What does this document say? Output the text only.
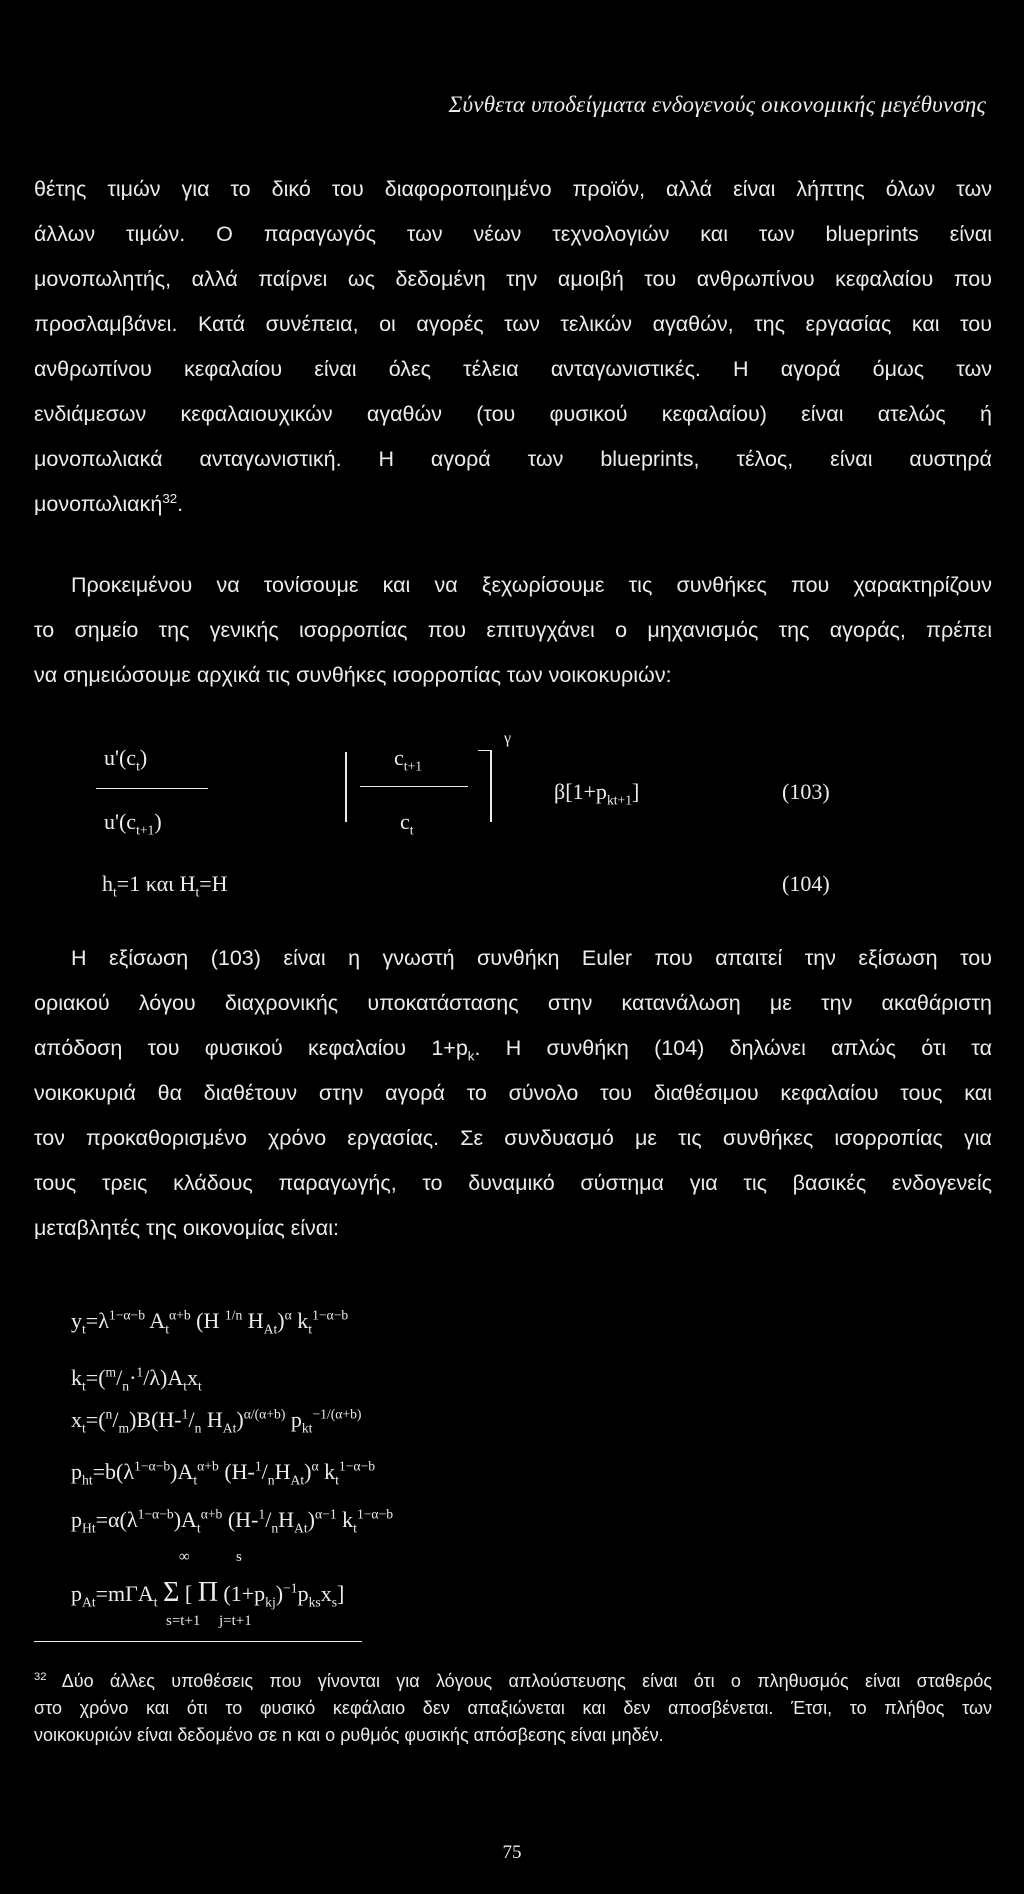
Σύνθετα υποδείγματα ενδογενούς οικονομικής μεγέθυνσης
θέτης τιμών για το δικό του διαφοροποιημένο προϊόν, αλλά είναι λήπτης όλων των
άλλων τιμών. Ο παραγωγός των νέων τεχνολογιών και των blueprints είναι
μονοπωλητής, αλλά παίρνει ως δεδομένη την αμοιβή του ανθρωπίνου κεφαλαίου που
προσλαμβάνει. Κατά συνέπεια, οι αγορές των τελικών αγαθών, της εργασίας και του
ανθρωπίνου κεφαλαίου είναι όλες τέλεια ανταγωνιστικές. Η αγορά όμως των
ενδιάμεσων κεφαλαιουχικών αγαθών (του φυσικού κεφαλαίου) είναι ατελώς ή
μονοπωλιακά ανταγωνιστική. Η αγορά των blueprints, τέλος, είναι αυστηρά
μονοπωλιακή$^{32}$.
Προκειμένου να τονίσουμε και να ξεχωρίσουμε τις συνθήκες που χαρακτηρίζουν
το σημείο της γενικής ισορροπίας που επιτυγχάνει ο μηχανισμός της αγοράς, πρέπει
να σημειώσουμε αρχικά τις συνθήκες ισορροπίας των νοικοκυριών:
$u'(c_t)$
$u'(c_{t+1})$
$c_{t+1}$
$c_t$
γ
$\beta[1+p_{kt+1}]$	(103)
$h_t=1$ και $H_t=H$	(104)
Η εξίσωση (103) είναι η γνωστή συνθήκη Euler που απαιτεί την εξίσωση του
οριακού λόγου διαχρονικής υποκατάστασης στην κατανάλωση με την ακαθάριστη
απόδοση του φυσικού κεφαλαίου $1+p_k$. Η συνθήκη (104) δηλώνει απλώς ότι τα
νοικοκυριά θα διαθέτουν στην αγορά το σύνολο του διαθέσιμου κεφαλαίου τους και
τον προκαθορισμένο χρόνο εργασίας. Σε συνδυασμό με τις συνθήκες ισορροπίας για
τους τρεις κλάδους παραγωγής, το δυναμικό σύστημα για τις βασικές ενδογενείς
μεταβλητές της οικονομίας είναι:
$y_t=\lambda^{1-\alpha-b}$ $A_t^{\alpha+b}$ (H $^{1/n}$ $H_{At})^\alpha$ $k_t^{1-\alpha-b}$
$k_t=(^m/_n\cdot^1/\lambda)A_tx_t$
$x_t=(^n/_m)B(H-^1/_n$ $H_{At})^{\alpha/(\alpha+b)}$ $p_{kt}^{-1/(\alpha+b)}$
$p_{ht}=b(\lambda^{1-\alpha-b})A_t^{\alpha+b}$ $(H-^1/_nH_{At})^\alpha$ $k_t^{1-\alpha-b}$
$p_{Ht}=\alpha(\lambda^{1-\alpha-b})A_t^{\alpha+b}$ $(H-^1/_nH_{At})^{\alpha-1}$ $k_t^{1-\alpha-b}$
∞	s
$p_{At}=m\Gamma A_t$ Σ [ Π $(1+p_{kj})^{-1}p_{ks}x_s$]
s=t+1 j=t+1
$^{32}$ Δύο άλλες υποθέσεις που γίνονται για λόγους απλούστευσης είναι ότι ο πληθυσμός είναι σταθερός
στο χρόνο και ότι το φυσικό κεφάλαιο δεν απαξιώνεται και δεν αποσβένεται. Έτσι, το πλήθος των
νοικοκυριών είναι δεδομένο σε n και ο ρυθμός φυσικής απόσβεσης είναι μηδέν.
75
